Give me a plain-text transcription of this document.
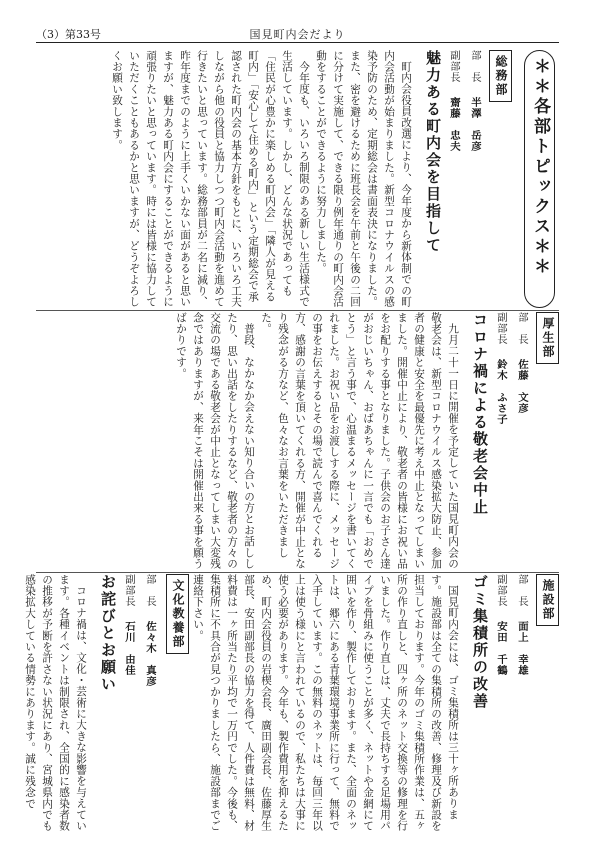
（3）第33号	国見町内会だより
＊＊各部トピックス＊＊
総務部
部　長 半澤　岳彦
副部長 齋藤　忠夫
魅力ある町内会を目指して

町内会役員改選により、今年度から新体制での町内会活動が始まりました。新型コロナウイルスの感染予防のため、定期総会は書面表決になりました。また、密を避けるために班長会を午前と午後の二回に分けて実施して、できる限り例年通りの町内会活動をすることができるように努力しました。

今年度も、いろいろ制限のある新しい生活様式で生活しています。しかし、どんな状況であっても「住民が心豊かに楽しめる町内会」「隣人が見える町内」「安心して住める町内」という定期総会で承認された町内会の基本方針をもとに、いろいろ工夫しながら他の役員と協力しつつ町内会活動を進めて行きたいと思っています。総務部員が二名に減り、昨年度までのように上手くいかない面があると思いますが、魅力ある町内会にすることができるように頑張りたいと思っています。時には皆様に協力していただくこともあるかと思いますが、どうぞよろしくお願い致します。

厚生部
部　長 佐藤　文彦
副部長 鈴木　ふさ子
コロナ禍による敬老会中止

九月二十一日に開催を予定していた国見町内会の敬老会は、新型コロナウイルス感染拡大防止、参加者の健康と安全を最優先に考え中止となってしまいました。開催中止により、敬老者の皆様にお祝い品をお配りする事となりました。子供会のお子さん達がおじいちゃん、おばあちゃんに一言でも「おめでとう」と言う事で、心温まるメッセージを書いてくれました。お祝い品をお渡しする際に、メッセージの事をお伝えするとその場で読んで喜んでくれる方、感謝の言葉を頂いてくれる方、開催が中止となり残念がる方など、色々なお言葉をいただきました。

普段、なかなか会えない知り合いの方とお話ししたり、思い出話をしたりするなど、敬老者の方々の交流の場である敬老会が中止となってしまい大変残念ではありますが、来年こそは開催出来る事を願うばかりです。

施設部
部　長 面上　幸雄
副部長 安田　千鶴
ゴミ集積所の改善

国見町内会には、ゴミ集積所は三十ヶ所あります。施設部は全ての集積所の改善、修理及び新設を担当しております。今年のゴミ集積所作業は、五ヶ所の作り直しと、四ヶ所のネット交換等の修理を行いました。作り直しは、丈夫で長持ちする足場用パイプを骨組みに使うことが多く、ネットや金網にて囲いを作り、製作しております。また、全面のネットは、郷六にある青葉環境事業所に行って、無料で入手しています。この無料のネットは、毎回三年以上は使う様にと言われているので、私たちは大事に使う必要があります。今年も、製作費用を抑えるため、町内会役員の岩楔会長、廣田副会長、佐藤厚生部長、安田副部長の協力を得て、人件費は無料、材料費は一ヶ所当たり平均で一万円でした。今後も、集積所に不具合が見つかりましたら、施設部までご連絡下さい。

文化教養部
部　長 佐々木　真彦
副部長 石川　由佳
お詫びとお願い

コロナ禍は、文化・芸術に大きな影響を与えています。各種イベントは制限され、全国的に感染者数の推移が予断を許さない状況にあり、宮城県内でも感染拡大している情勢にあります。誠に残念で
